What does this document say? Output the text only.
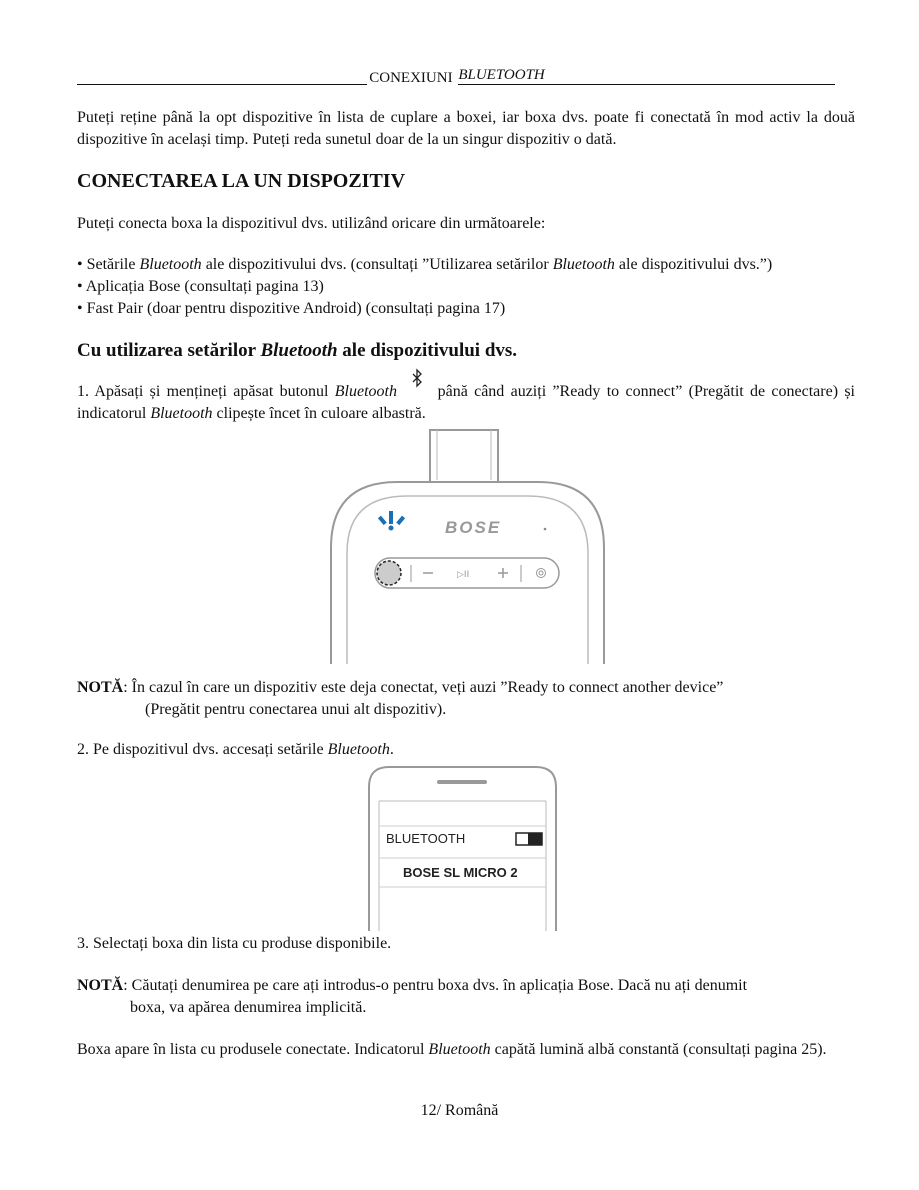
CONEXIUNI BLUETOOTH
Puteți reține până la opt dispozitive în lista de cuplare a boxei, iar boxa dvs. poate fi conectată în mod activ la două dispozitive în același timp. Puteți reda sunetul doar de la un singur dispozitiv o dată.
CONECTAREA LA UN DISPOZITIV
Puteți conecta boxa la dispozitivul dvs. utilizând oricare din următoarele:
• Setările Bluetooth ale dispozitivului dvs. (consultați ”Utilizarea setărilor Bluetooth ale dispozitivului dvs.”)
• Aplicația Bose (consultați pagina 13)
• Fast Pair (doar pentru dispozitive Android) (consultați pagina 17)
Cu utilizarea setărilor Bluetooth ale dispozitivului dvs.
1. Apăsați și mențineți apăsat butonul Bluetooth  până când auziți ”Ready to connect” (Pregătit de conectare) și indicatorul Bluetooth clipește încet în culoare albastră.
BOSE
▷II
NOTĂ: În cazul în care un dispozitiv este deja conectat, veți auzi ”Ready to connect another device”
(Pregătit pentru conectarea unui alt dispozitiv).
2. Pe dispozitivul dvs. accesați setările Bluetooth.
BLUETOOTH
BOSE SL MICRO 2
3. Selectați boxa din lista cu produse disponibile.
NOTĂ: Căutați denumirea pe care ați introdus-o pentru boxa dvs. în aplicația Bose. Dacă nu ați denumit
boxa, va apărea denumirea implicită.
Boxa apare în lista cu produsele conectate. Indicatorul Bluetooth capătă lumină albă constantă (consultați pagina 25).
12/ Română
